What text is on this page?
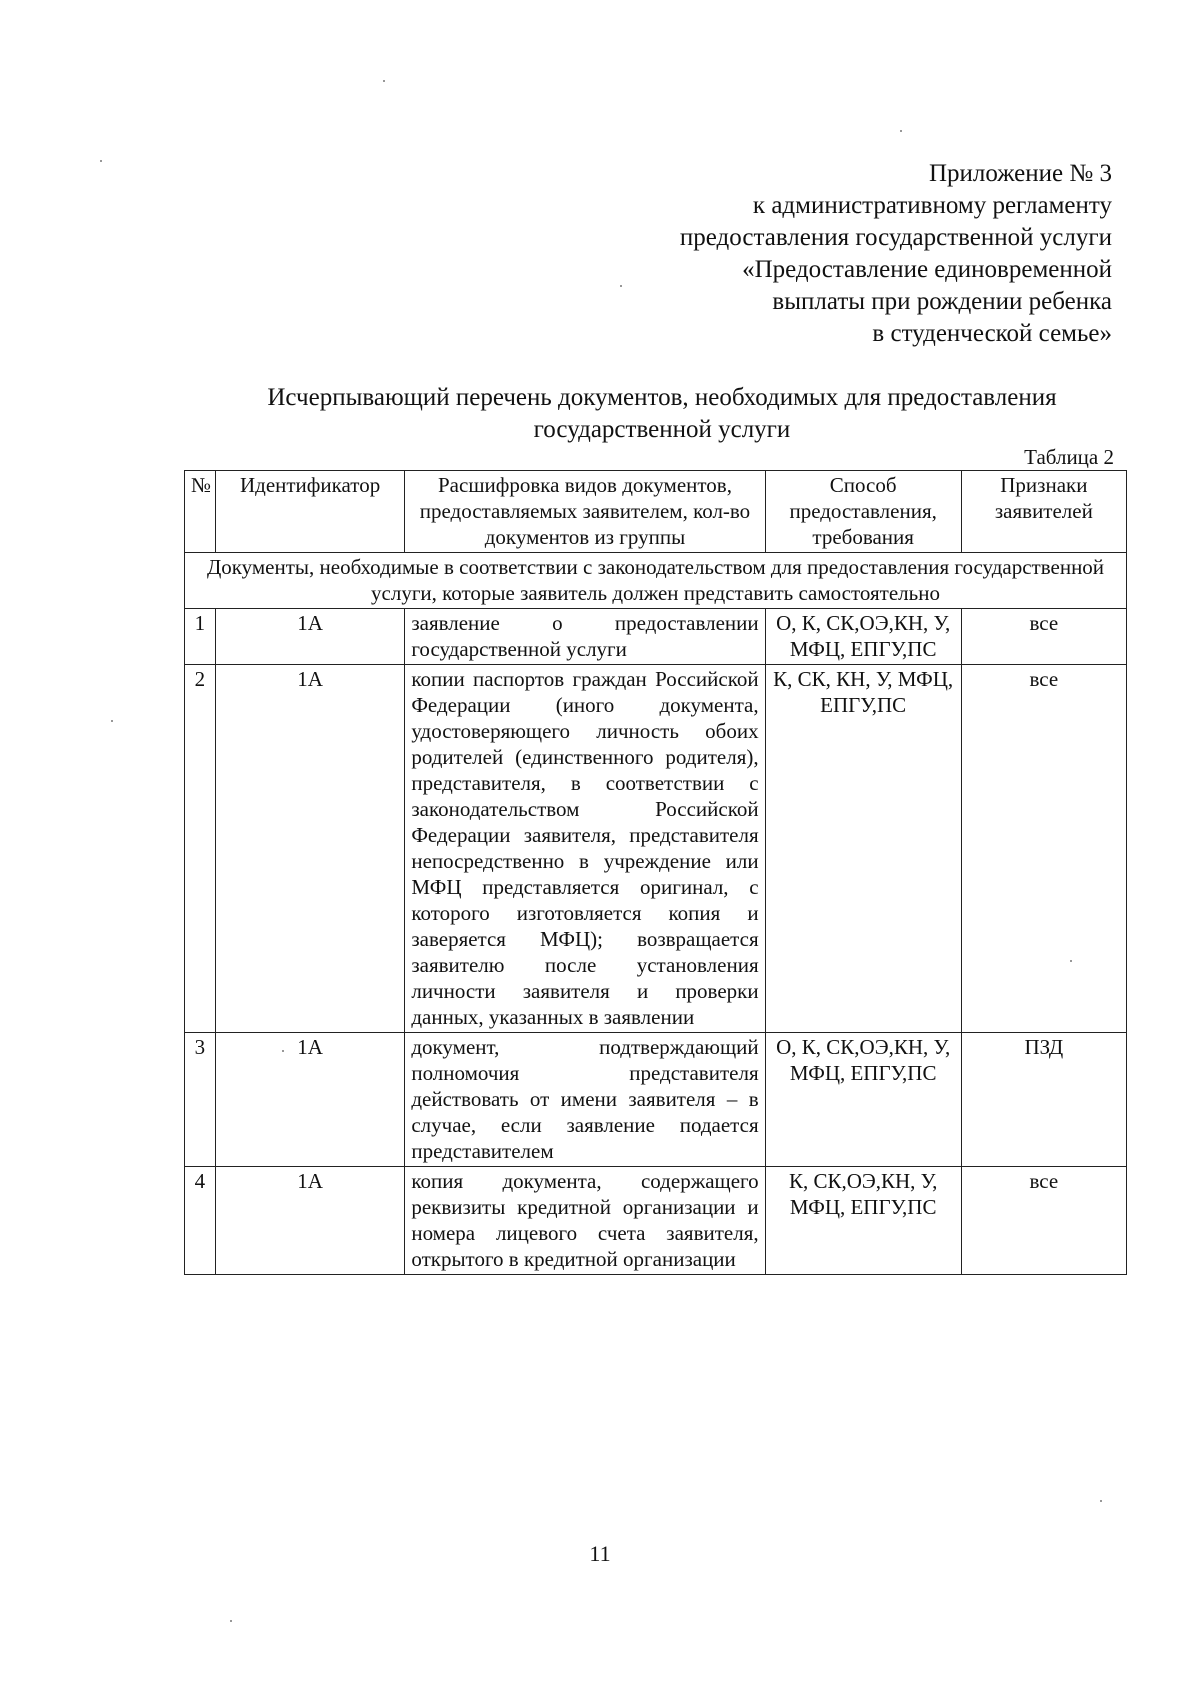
Приложение № 3
к административному регламенту
предоставления государственной услуги
«Предоставление единовременной
выплаты при рождении ребенка
в студенческой семье»
Исчерпывающий перечень документов, необходимых для предоставления
государственной услуги
Таблица 2
№	Идентификатор	Расшифровка видов документов, предоставляемых заявителем, кол-во документов из группы	Способ предоставления, требования	Признаки заявителей
Документы, необходимые в соответствии с законодательством для предоставления государственной услуги, которые заявитель должен представить самостоятельно				
1	1А	заявление о предоставлении государственной услуги	О, К, СК,ОЭ,КН, У, МФЦ, ЕПГУ,ПС	все
2	1А	копии паспортов граждан Российской Федерации (иного документа, удостоверяющего личность обоих родителей (единственного родителя), представителя, в соответствии с законодательством Российской Федерации заявителя, представителя непосредственно в учреждение или МФЦ представляется оригинал, с которого изготовляется копия и заверяется МФЦ); возвращается заявителю после установления личности заявителя и проверки данных, указанных в заявлении	К, СК, КН, У, МФЦ, ЕПГУ,ПС	все
3	1А	документ, подтверждающий полномочия представителя действовать от имени заявителя – в случае, если заявление подается представителем	О, К, СК,ОЭ,КН, У, МФЦ, ЕПГУ,ПС	ПЗД
4	1А	копия документа, содержащего реквизиты кредитной организации и номера лицевого счета заявителя, открытого в кредитной организации	К, СК,ОЭ,КН, У, МФЦ, ЕПГУ,ПС	все
11
